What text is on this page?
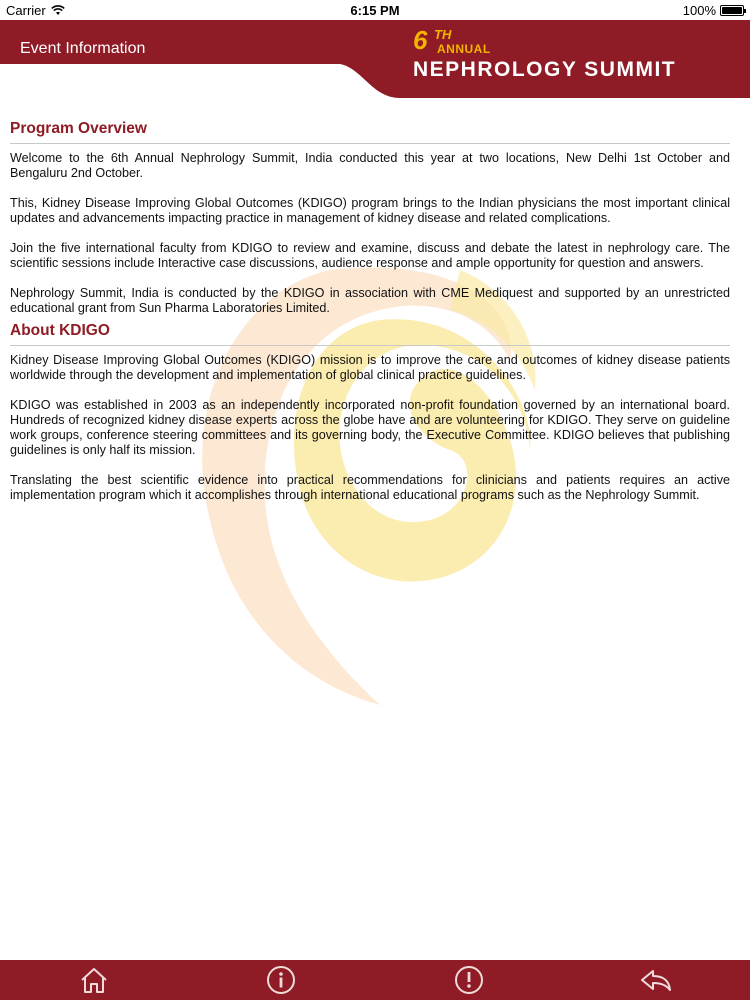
Carrier	6:15 PM	100%
Event Information	6 TH
ANNUAL
NEPHROLOGY SUMMIT
Program Overview

Welcome to the 6th Annual Nephrology Summit, India conducted this year at two locations, New Delhi 1st October and Bengaluru 2nd October.

This, Kidney Disease Improving Global Outcomes (KDIGO) program brings to the Indian physicians the most important clinical updates and advancements impacting practice in management of kidney disease and related complications.

Join the five international faculty from KDIGO to review and examine, discuss and debate the latest in nephrology care. The scientific sessions include Interactive case discussions, audience response and ample opportunity for question and answers.

Nephrology Summit, India is conducted by the KDIGO in association with CME Mediquest and supported by an unrestricted educational grant from Sun Pharma Laboratories Limited.

About KDIGO

Kidney Disease Improving Global Outcomes (KDIGO) mission is to improve the care and outcomes of kidney disease patients worldwide through the development and implementation of global clinical practice guidelines.

KDIGO was established in 2003 as an independently incorporated non-profit foundation governed by an international board. Hundreds of recognized kidney disease experts across the globe have and are volunteering for KDIGO. They serve on guideline work groups, conference steering committees and its governing body, the Executive Committee. KDIGO believes that publishing guidelines is only half its mission.

Translating the best scientific evidence into practical recommendations for clinicians and patients requires an active implementation program which it accomplishes through international educational programs such as the Nephrology Summit.
